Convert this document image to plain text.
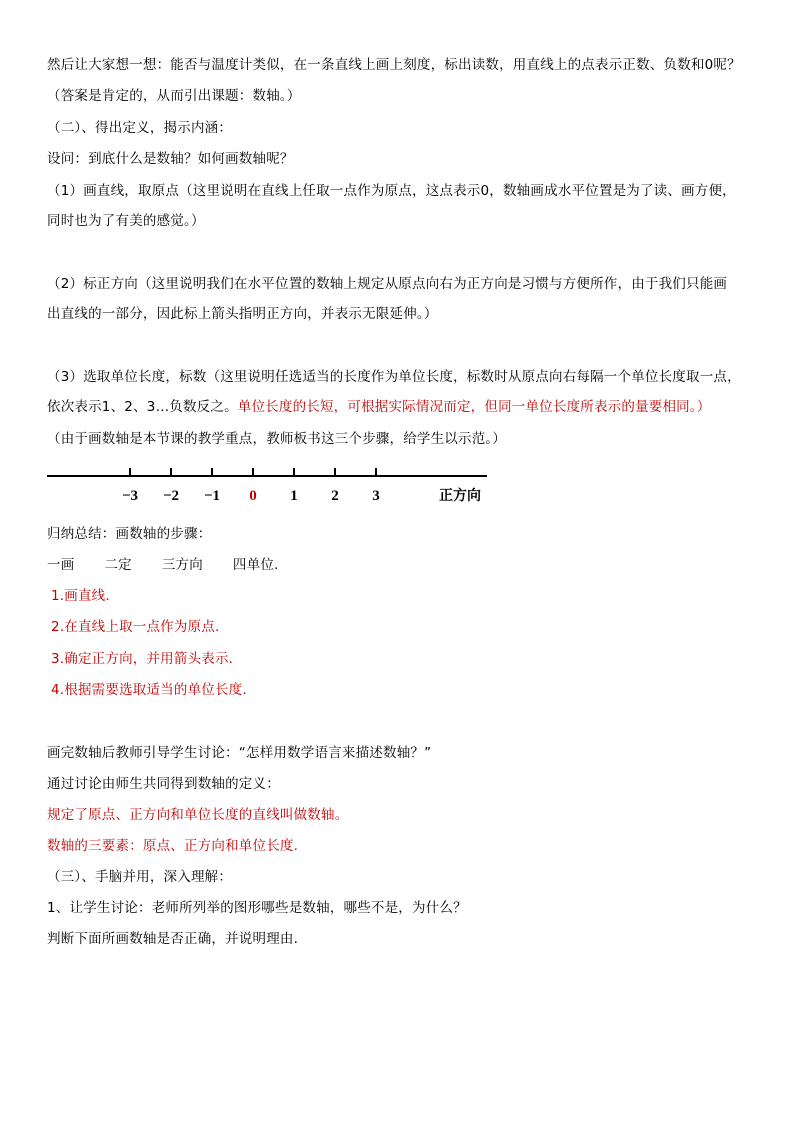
然后让大家想一想：能否与温度计类似，在一条直线上画上刻度，标出读数，用直线上的点表示正数、负数和0呢？
（答案是肯定的，从而引出课题：数轴。）
（二）、得出定义，揭示内涵：
设问：到底什么是数轴？如何画数轴呢？
（1）画直线，取原点（这里说明在直线上任取一点作为原点，这点表示0，数轴画成水平位置是为了读、画方便，
同时也为了有美的感觉。）
（2）标正方向（这里说明我们在水平位置的数轴上规定从原点向右为正方向是习惯与方便所作，由于我们只能画
出直线的一部分，因此标上箭头指明正方向，并表示无限延伸。）
（3）选取单位长度，标数（这里说明任选适当的长度作为单位长度，标数时从原点向右每隔一个单位长度取一点，
依次表示1、2、3…负数反之。单位长度的长短，可根据实际情况而定，但同一单位长度所表示的量要相同。）
（由于画数轴是本节课的教学重点，教师板书这三个步骤，给学生以示范。）
−3 −2 −1 0 1 2 3	正方向
归纳总结：画数轴的步骤：
一画 二定 三方向 四单位.
1.画直线.
2.在直线上取一点作为原点.
3.确定正方向，并用箭头表示.
4.根据需要选取适当的单位长度.
画完数轴后教师引导学生讨论：“怎样用数学语言来描述数轴？”
通过讨论由师生共同得到数轴的定义：
规定了原点、正方向和单位长度的直线叫做数轴。
数轴的三要素：原点、正方向和单位长度.
（三）、手脑并用，深入理解：
1、让学生讨论：老师所列举的图形哪些是数轴，哪些不是，为什么？
判断下面所画数轴是否正确，并说明理由.
